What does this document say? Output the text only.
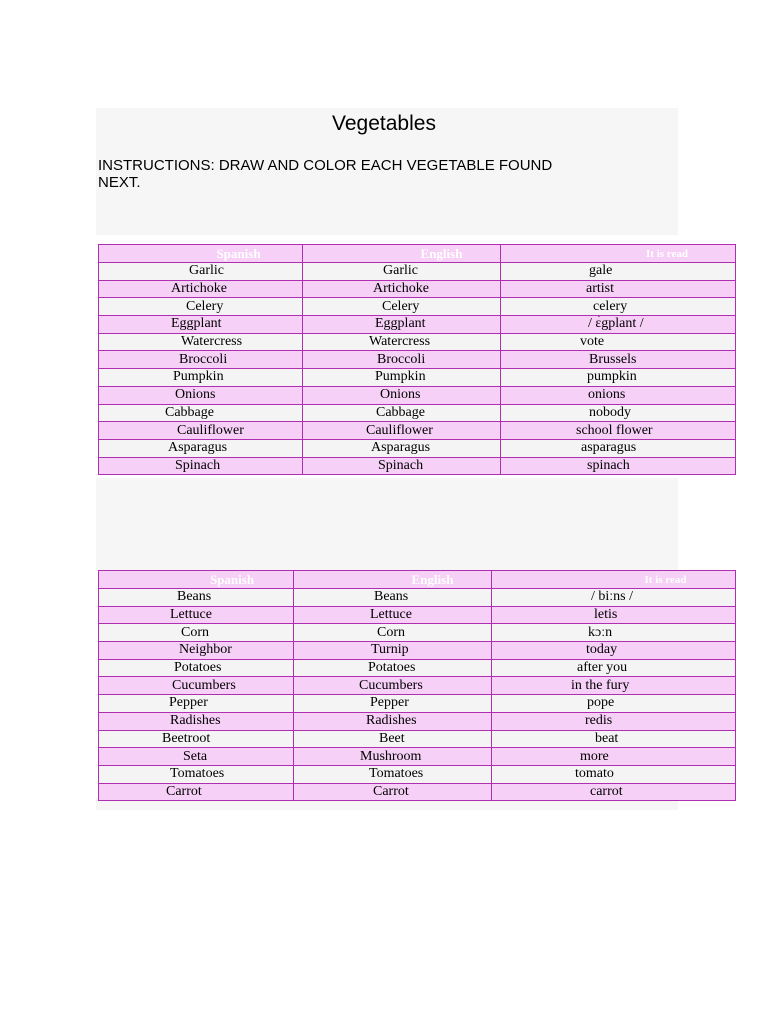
Vegetables
INSTRUCTIONS: DRAW AND COLOR EACH VEGETABLE FOUND NEXT.
Spanish	English	It is read
Garlic	Garlic	gale
Artichoke	Artichoke	artist
Celery	Celery	celery
Eggplant	Eggplant	/ ɛ́gplant /
Watercress	Watercress	vote
Broccoli	Broccoli	Brussels
Pumpkin	Pumpkin	pumpkin
Onions	Onions	onions
Cabbage	Cabbage	nobody
Cauliflower	Cauliflower	school flower
Asparagus	Asparagus	asparagus
Spinach	Spinach	spinach
Spanish	English	It is read
Beans	Beans	/ biːns /
Lettuce	Lettuce	letis
Corn	Corn	kɔːn
Neighbor	Turnip	today
Potatoes	Potatoes	after you
Cucumbers	Cucumbers	in the fury
Pepper	Pepper	pope
Radishes	Radishes	redis
Beetroot	Beet	beat
Seta	Mushroom	more
Tomatoes	Tomatoes	tomato
Carrot	Carrot	carrot
